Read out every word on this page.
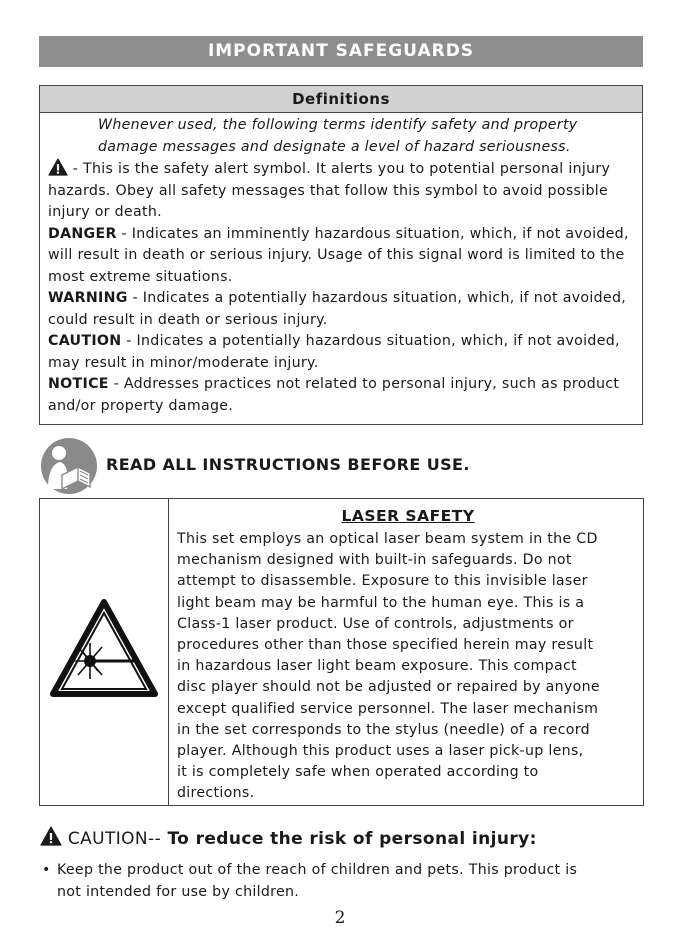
IMPORTANT SAFEGUARDS
Definitions

Whenever used, the following terms identify safety and property damage messages and designate a level of hazard seriousness.

- This is the safety alert symbol. It alerts you to potential personal injury hazards. Obey all safety messages that follow this symbol to avoid possible injury or death.

DANGER - Indicates an imminently hazardous situation, which, if not avoided, will result in death or serious injury. Usage of this signal word is limited to the most extreme situations.

WARNING - Indicates a potentially hazardous situation, which, if not avoided, could result in death or serious injury.

CAUTION - Indicates a potentially hazardous situation, which, if not avoided, may result in minor/moderate injury.

NOTICE - Addresses practices not related to personal injury, such as product and/or property damage.

READ ALL INSTRUCTIONS BEFORE USE.

LASER SAFETY

This set employs an optical laser beam system in the CD
mechanism designed with built-in safeguards. Do not
attempt to disassemble. Exposure to this invisible laser
light beam may be harmful to the human eye. This is a
Class-1 laser product. Use of controls, adjustments or
procedures other than those specified herein may result
in hazardous laser light beam exposure. This compact
disc player should not be adjusted or repaired by anyone
except qualified service personnel. The laser mechanism
in the set corresponds to the stylus (needle) of a record
player. Although this product uses a laser pick-up lens,
it is completely safe when operated according to
directions.

CAUTION-- To reduce the risk of personal injury:
• Keep the product out of the reach of children and pets. This product is
not intended for use by children.
2
